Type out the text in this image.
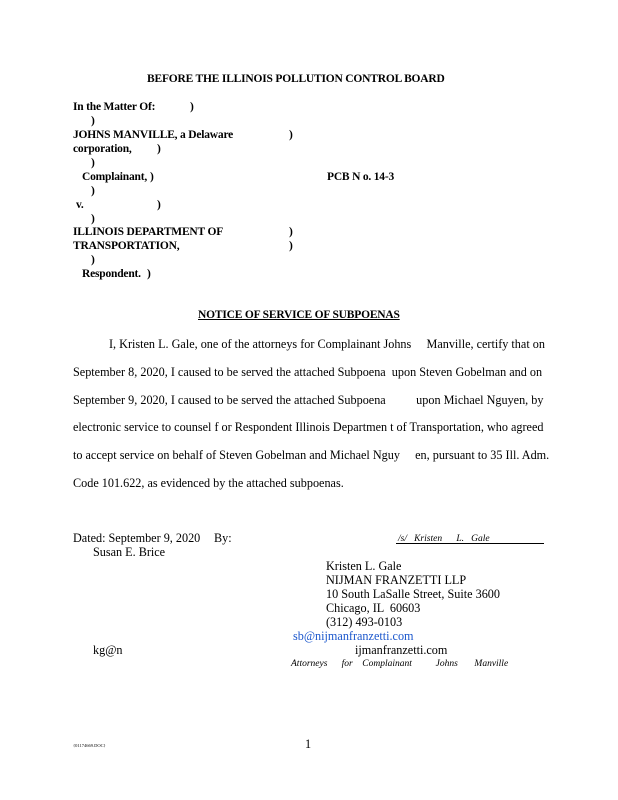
BEFORE THE ILLINOIS POLLUTION CONTROL BOARD
In the Matter Of:	)
)
JOHNS MANVILLE, a Delaware	)
corporation, )
)
Complainant, )	PCB N o. 14-3
)
v.	)
)
ILLINOIS DEPARTMENT OF	)
TRANSPORTATION,	)
)
Respondent. )
NOTICE OF SERVICE OF SUBPOENAS
I, Kristen L. Gale, one of the attorneys for Complainant Johns     Manville, certify that on
September 8, 2020, I caused to be served the attached Subpoena  upon Steven Gobelman and on
September 9, 2020, I caused to be served the attached Subpoena          upon Michael Nguyen, by
electronic service to counsel f or Respondent Illinois Departmen t of Transportation, who agreed
to accept service on behalf of Steven Gobelman and Michael Nguy     en, pursuant to 35 Ill. Adm.
Code 101.622, as evidenced by the attached subpoenas.
Dated: September 9, 2020 By:	/s/   Kristen      L.   Gale
Susan E. Brice
Kristen L. Gale
NIJMAN FRANZETTI LLP
10 South LaSalle Street, Suite 3600
Chicago, IL  60603
(312) 493-0103
sb@nijmanfranzetti.com
kg@n	ijmanfranzetti.com
Attorneys      for    Complainant          Johns       Manville
{01174669.DOC}	1
